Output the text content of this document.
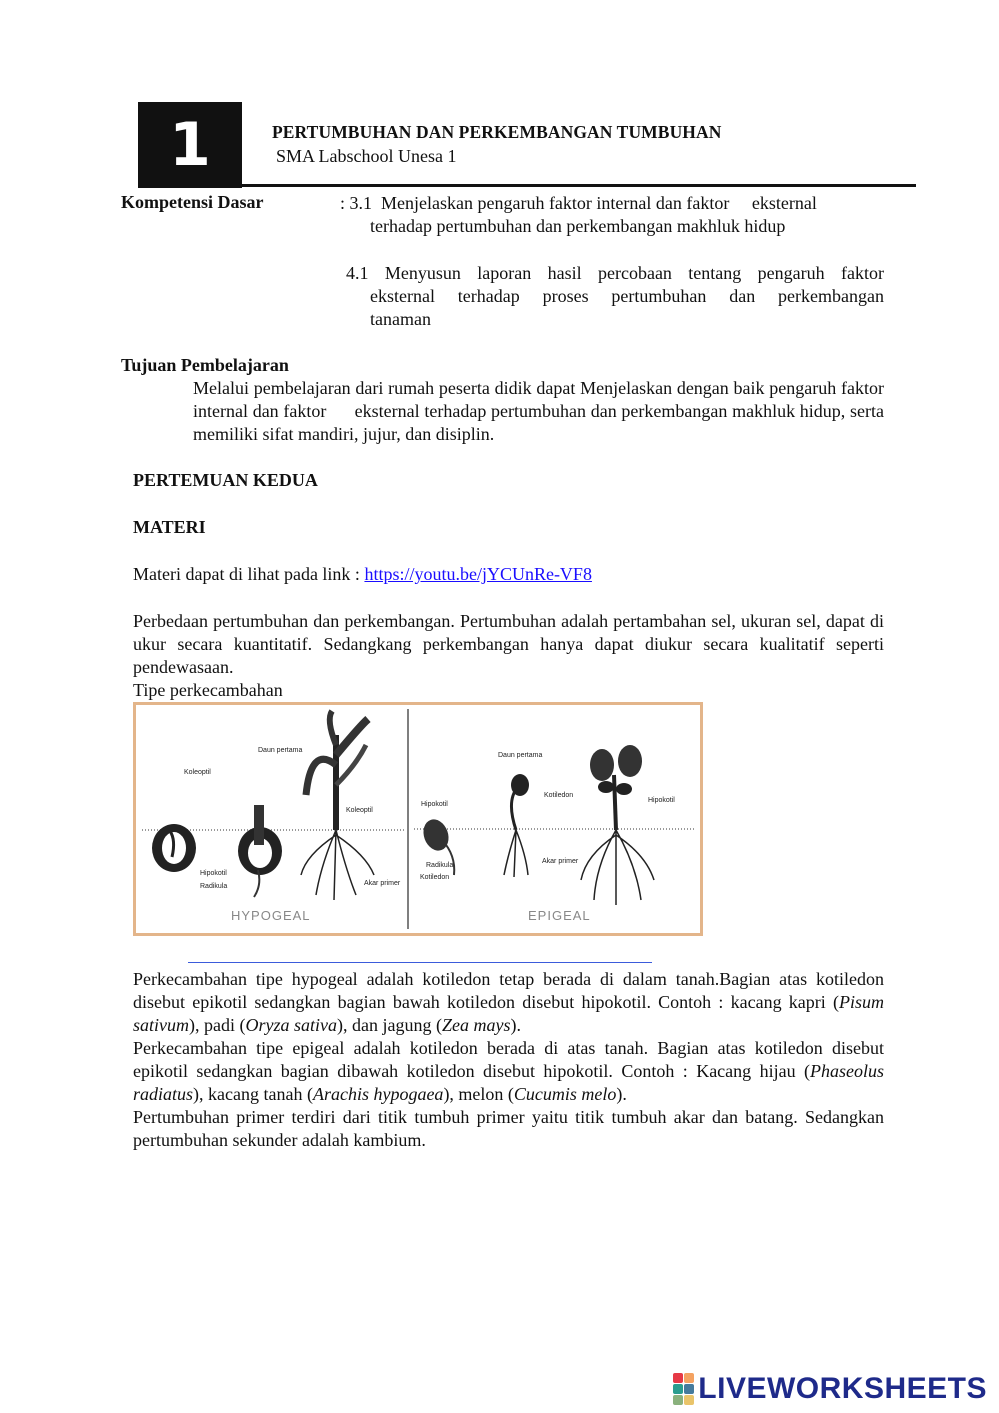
1	PERTUMBUHAN DAN PERKEMBANGAN TUMBUHAN
SMA Labschool Unesa 1
Kompetensi Dasar	: 3.1  Menjelaskan pengaruh faktor internal dan faktor     eksternal
terhadap pertumbuhan dan perkembangan makhluk hidup
4.1 Menyusun laporan hasil percobaan tentang pengaruh faktor
eksternal terhadap proses pertumbuhan dan perkembangan
tanaman
Tujuan Pembelajaran
Melalui pembelajaran dari rumah peserta didik dapat Menjelaskan dengan baik pengaruh faktor internal dan faktor      eksternal terhadap pertumbuhan dan perkembangan makhluk hidup, serta memiliki sifat mandiri, jujur, dan disiplin.
PERTEMUAN KEDUA
MATERI
Materi dapat di lihat pada link : https://youtu.be/jYCUnRe-VF8
Perbedaan pertumbuhan dan perkembangan. Pertumbuhan adalah pertambahan sel, ukuran sel, dapat di ukur secara kuantitatif. Sedangkang perkembangan hanya dapat diukur secara kualitatif seperti pendewasaan.
Tipe perkecambahan
Koleoptil
Daun pertama
Koleoptil
Hipokotil
Radikula	Akar primer
Hipokotil
Radikula
Kotiledon
Daun pertama
Kotiledon
Hipokotil
Akar primer
HYPOGEAL	EPIGEAL
Perkecambahan tipe hypogeal adalah kotiledon tetap berada di dalam tanah.Bagian atas kotiledon disebut epikotil sedangkan bagian bawah kotiledon disebut hipokotil. Contoh : kacang kapri (Pisum sativum), padi (Oryza sativa), dan jagung (Zea mays).
Perkecambahan tipe epigeal adalah kotiledon berada di atas tanah. Bagian atas kotiledon disebut epikotil sedangkan bagian dibawah kotiledon disebut hipokotil. Contoh : Kacang hijau (Phaseolus radiatus), kacang tanah (Arachis hypogaea), melon (Cucumis melo).
Pertumbuhan primer terdiri dari titik tumbuh primer yaitu titik tumbuh akar dan batang. Sedangkan pertumbuhan sekunder adalah kambium.
LIVEWORKSHEETS
